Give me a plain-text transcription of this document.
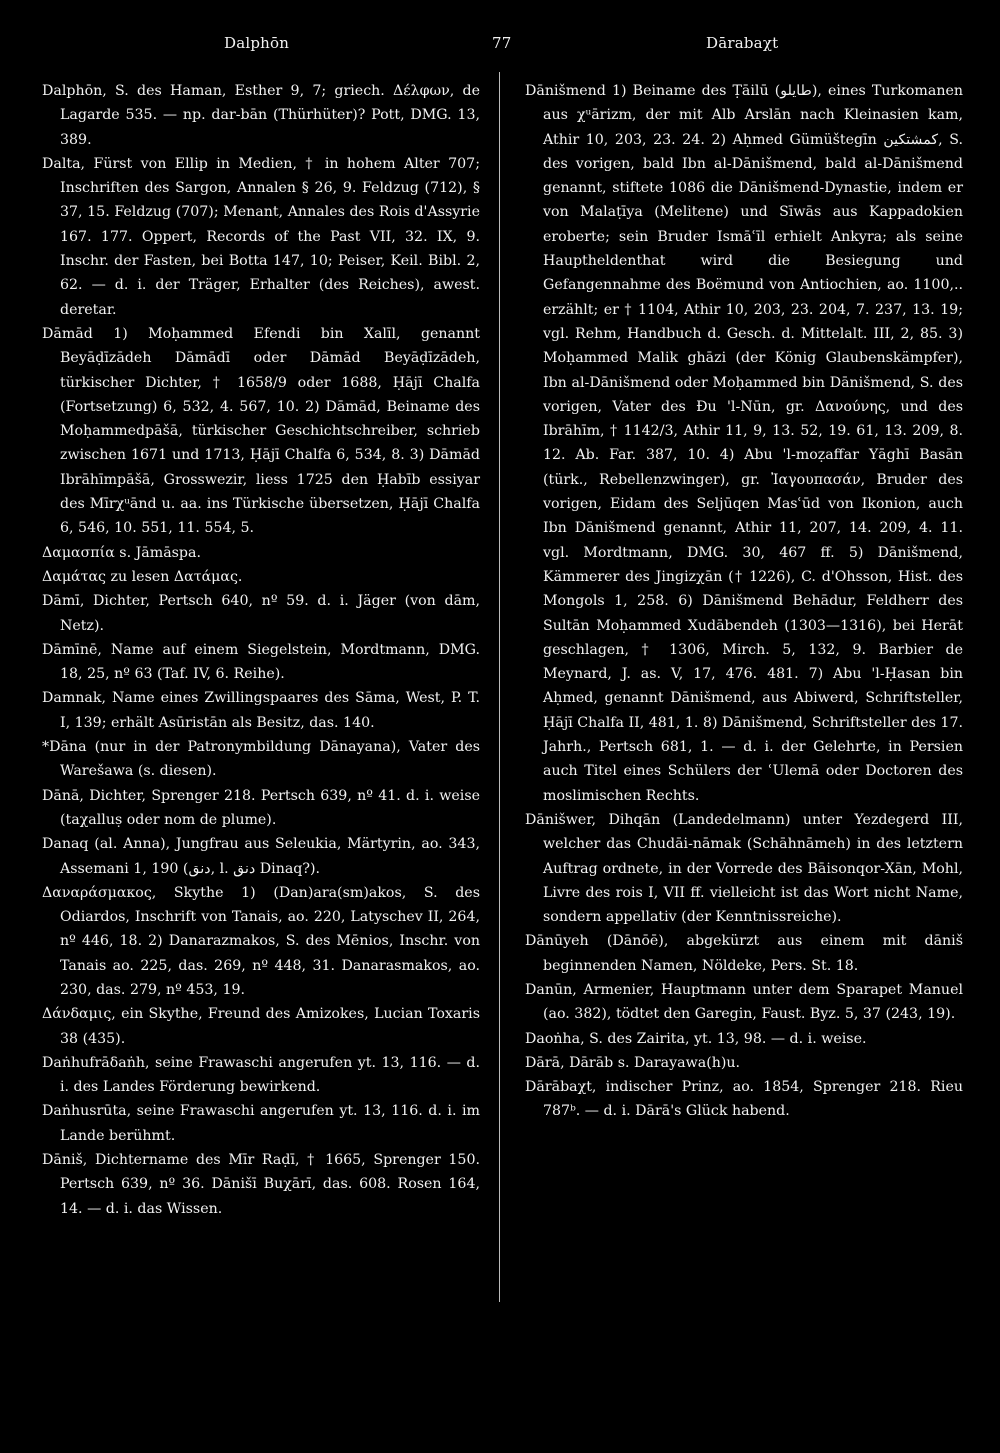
Dalphōn	77	Dārabaχt

Dalphōn, S. des Haman, Esther 9, 7; griech. Δέλφων, de Lagarde 535. — np. dar-bān (Thürhüter)? Pott, DMG. 13, 389.

Dalta, Fürst von Ellip in Medien, † in hohem Alter 707; Inschriften des Sargon, Annalen § 26, 9. Feldzug (712), § 37, 15. Feldzug (707); Menant, Annales des Rois d'Assyrie 167. 177. Oppert, Records of the Past VII, 32. IX, 9. Inschr. der Fasten, bei Botta 147, 10; Peiser, Keil. Bibl. 2, 62. — d. i. der Träger, Erhalter (des Reiches), awest. deretar.

Dāmād 1) Moḥammed Efendi bin Xalīl, genannt Beyāḍīzādeh Dāmādī oder Dāmād Beyāḍīzādeh, türkischer Dichter, † 1658/9 oder 1688, Ḥājī Chalfa (Fortsetzung) 6, 532, 4. 567, 10. 2) Dāmād, Beiname des Moḥammedpāšā, türkischer Geschichtschreiber, schrieb zwischen 1671 und 1713, Ḥājī Chalfa 6, 534, 8. 3) Dāmād Ibrāhīmpāšā, Grosswezir, liess 1725 den Ḥabīb essiyar des Mīrχᵘānd u. aa. ins Türkische übersetzen, Ḥājī Chalfa 6, 546, 10. 551, 11. 554, 5.

Δαμασπία s. Jāmāspa.

Δαμάτας zu lesen Δατάμας.

Dāmī, Dichter, Pertsch 640, nº 59. d. i. Jäger (von dām, Netz).

Dāmīnē, Name auf einem Siegelstein, Mordtmann, DMG. 18, 25, nº 63 (Taf. IV, 6. Reihe).

Damnak, Name eines Zwillingspaares des Sāma, West, P. T. I, 139; erhält Asūristān als Besitz, das. 140.

*Dāna (nur in der Patronymbildung Dānayana), Vater des Warešawa (s. diesen).

Dānā, Dichter, Sprenger 218. Pertsch 639, nº 41. d. i. weise (taχalluṣ oder nom de plume).

Danaq (al. Anna), Jungfrau aus Seleukia, Märtyrin, ao. 343, Assemani 1, 190 (دنق, l. دنق Dinaq?).

Δαναράσμακος, Skythe 1) (Dan)ara(sm)akos, S. des Odiardos, Inschrift von Tanais, ao. 220, Latyschev II, 264, nº 446, 18. 2) Danarazmakos, S. des Mēnios, Inschr. von Tanais ao. 225, das. 269, nº 448, 31. Danarasmakos, ao. 230, das. 279, nº 453, 19.

Δάνδαμις, ein Skythe, Freund des Amizokes, Lucian Toxaris 38 (435).

Daṅhufrāδaṅh, seine Frawaschi angerufen yt. 13, 116. — d. i. des Landes Förderung bewirkend.

Daṅhusrūta, seine Frawaschi angerufen yt. 13, 116. d. i. im Lande berühmt.

Dāniš, Dichtername des Mīr Raḍī, † 1665, Sprenger 150. Pertsch 639, nº 36. Dānišī Buχārī, das. 608. Rosen 164, 14. — d. i. das Wissen.

Dānišmend 1) Beiname des Ṭāilū (طايلو), eines Turkomanen aus χᵘārizm, der mit Alb Arslān nach Kleinasien kam, Athir 10, 203, 23. 24. 2) Aḥmed Gümüštegīn كمشتكين, S. des vorigen, bald Ibn al-Dānišmend, bald al-Dānišmend genannt, stiftete 1086 die Dānišmend-Dynastie, indem er von Malaṭīya (Melitene) und Sīwās aus Kappadokien eroberte; sein Bruder Ismāʿīl erhielt Ankyra; als seine Hauptheldenthat wird die Besiegung und Gefangennahme des Boëmund von Antiochien, ao. 1100,.. erzählt; er † 1104, Athir 10, 203, 23. 204, 7. 237, 13. 19; vgl. Rehm, Handbuch d. Gesch. d. Mittelalt. III, 2, 85. 3) Moḥammed Malik ghāzi (der König Glaubenskämpfer), Ibn al-Dānišmend oder Moḥammed bin Dānišmend, S. des vorigen, Vater des Ðu 'l-Nūn, gr. Δανούνης, und des Ibrāhīm, † 1142/3, Athir 11, 9, 13. 52, 19. 61, 13. 209, 8. 12. Ab. Far. 387, 10. 4) Abu 'l-moẓaffar Yāghī Basān (türk., Rebellenzwinger), gr. Ἰαγουπασάν, Bruder des vorigen, Eidam des Seljūqen Masʿūd von Ikonion, auch Ibn Dānišmend genannt, Athir 11, 207, 14. 209, 4. 11. vgl. Mordtmann, DMG. 30, 467 ff. 5) Dānišmend, Kämmerer des Jingizχān († 1226), C. d'Ohsson, Hist. des Mongols 1, 258. 6) Dānišmend Behādur, Feldherr des Sultān Moḥammed Xudābendeh (1303—1316), bei Herāt geschlagen, † 1306, Mirch. 5, 132, 9. Barbier de Meynard, J. as. V, 17, 476. 481. 7) Abu 'l-Ḥasan bin Aḥmed, genannt Dānišmend, aus Abiwerd, Schriftsteller, Ḥājī Chalfa II, 481, 1. 8) Dānišmend, Schriftsteller des 17. Jahrh., Pertsch 681, 1. — d. i. der Gelehrte, in Persien auch Titel eines Schülers der ʿUlemā oder Doctoren des moslimischen Rechts.

Dānišwer, Dihqān (Landedelmann) unter Yezdegerd III, welcher das Chudāi-nāmak (Schāhnāmeh) in des letztern Auftrag ordnete, in der Vorrede des Bāisonqor-Xān, Mohl, Livre des rois I, VII ff. vielleicht ist das Wort nicht Name, sondern appellativ (der Kenntnissreiche).

Dānūyeh (Dānōē), abgekürzt aus einem mit dāniš beginnenden Namen, Nöldeke, Pers. St. 18.

Danūn, Armenier, Hauptmann unter dem Sparapet Manuel (ao. 382), tödtet den Garegin, Faust. Byz. 5, 37 (243, 19).

Daoṅha, S. des Zairita, yt. 13, 98. — d. i. weise.

Dārā, Dārāb s. Darayawa(h)u.

Dārābaχt, indischer Prinz, ao. 1854, Sprenger 218. Rieu 787ᵇ. — d. i. Dārā's Glück habend.
